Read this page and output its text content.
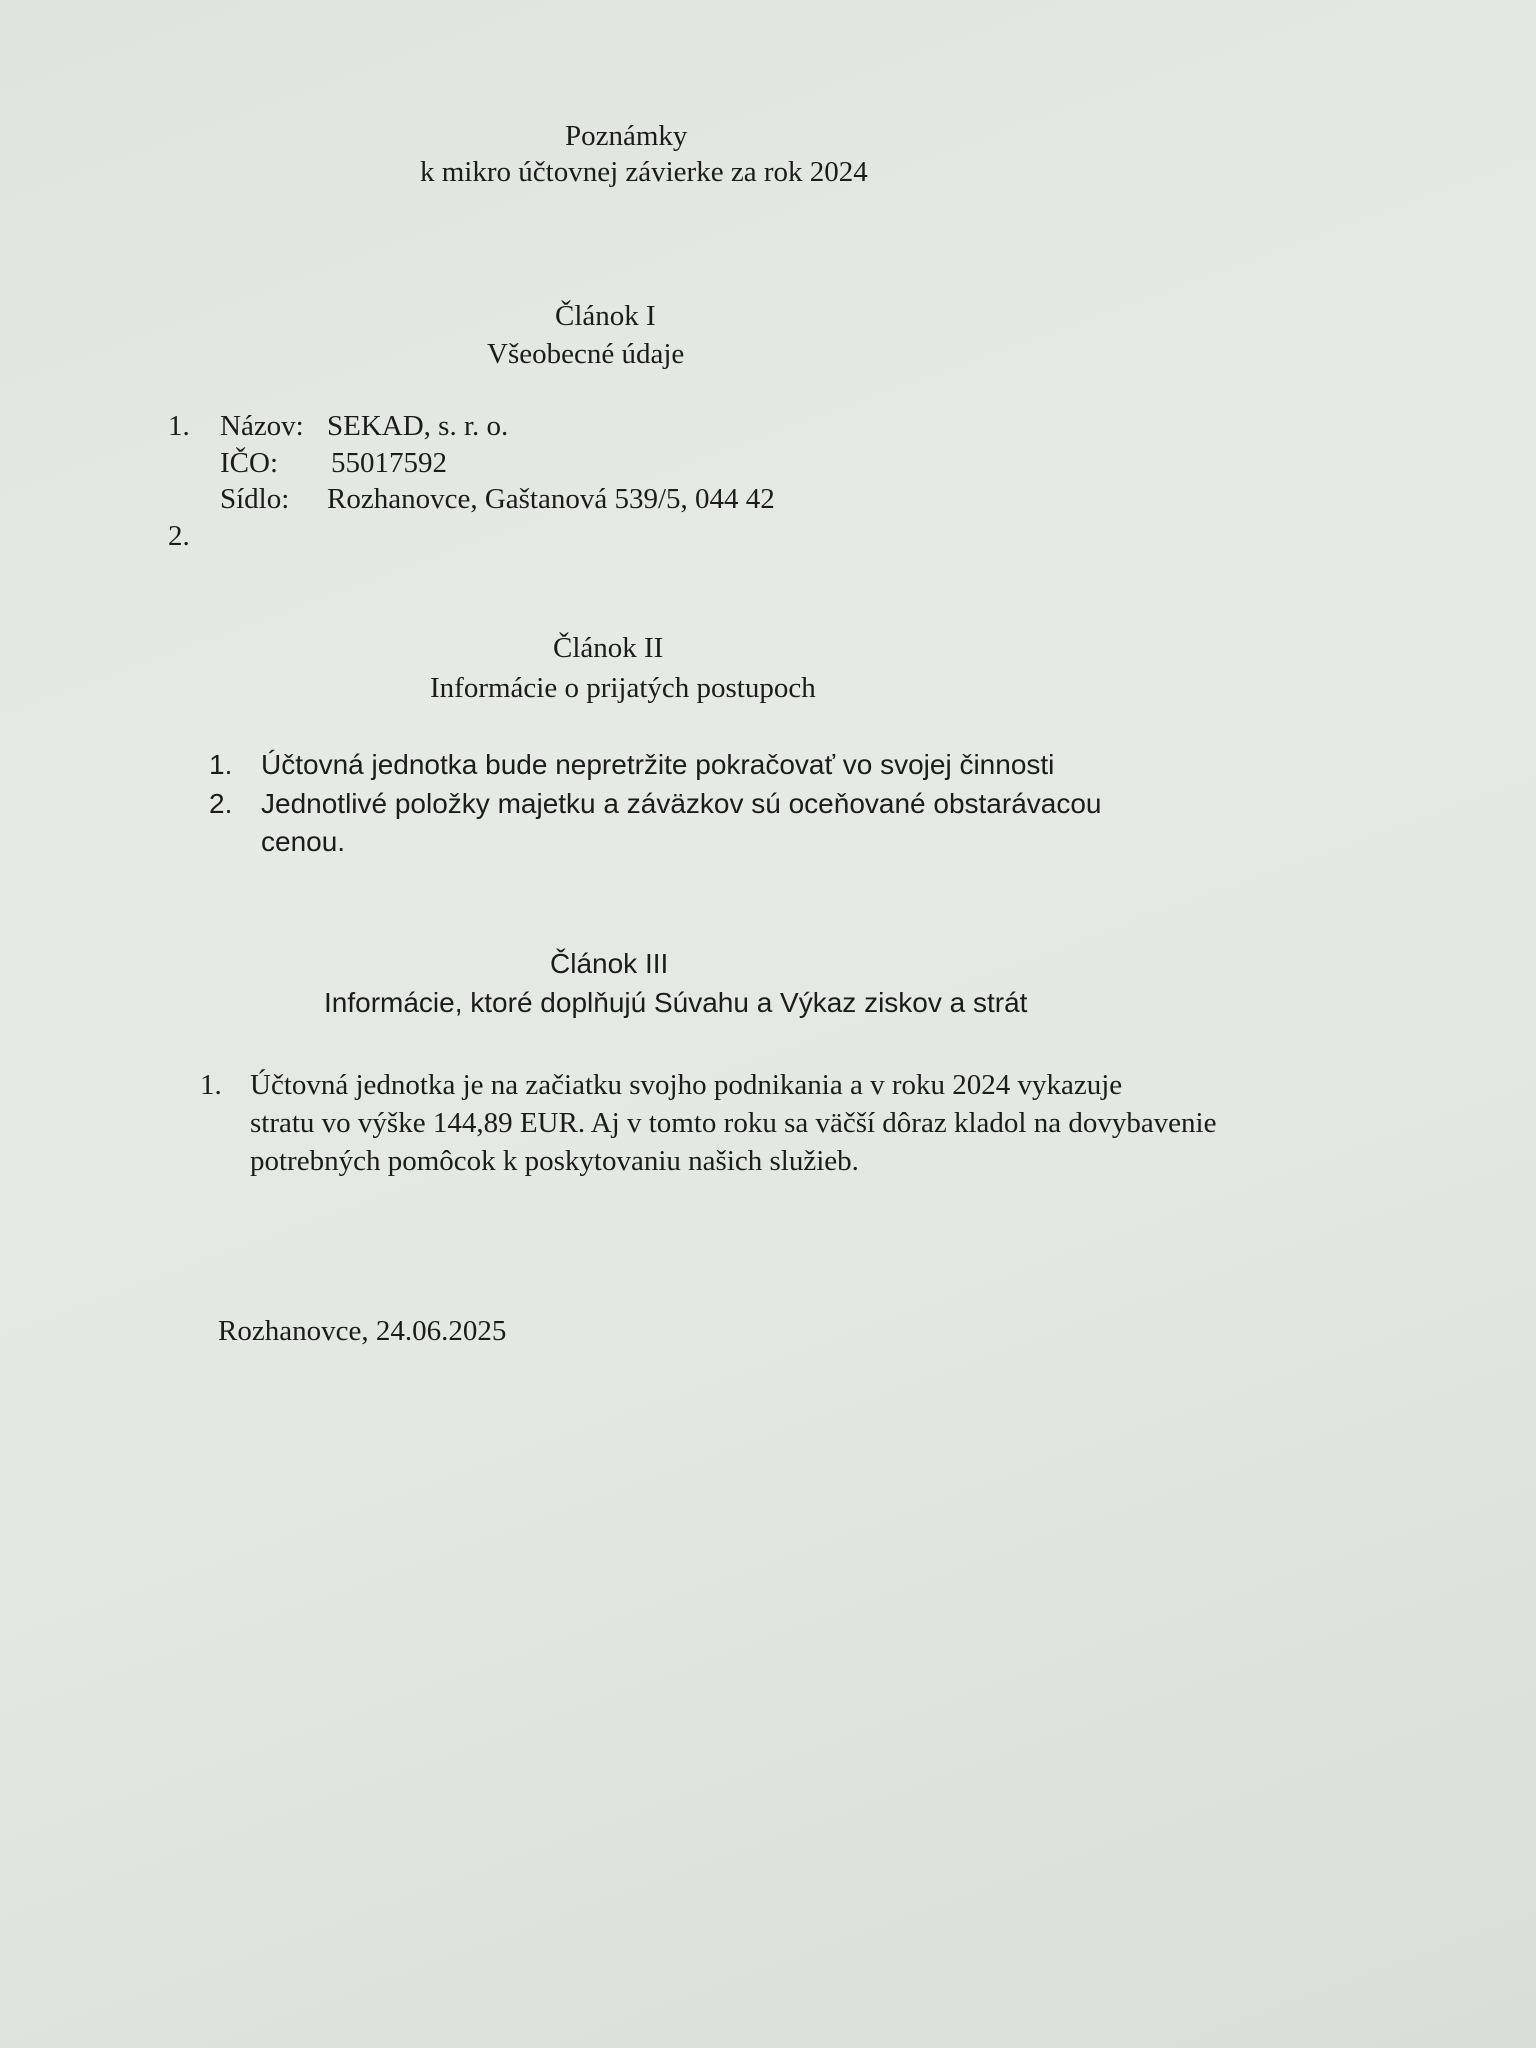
Poznámky

k mikro účtovnej závierke za rok 2024

Článok I

Všeobecné údaje

1. Názov: SEKAD, s. r. o.

IČO: 55017592

Sídlo: Rozhanovce, Gaštanová 539/5, 044 42

2.

Článok II

Informácie o prijatých postupoch

1. Účtovná jednotka bude nepretržite pokračovať vo svojej činnosti

2. Jednotlivé položky majetku a záväzkov sú oceňované obstarávacou

cenou.

Článok III

Informácie, ktoré doplňujú Súvahu a Výkaz ziskov a strát

1. Účtovná jednotka je na začiatku svojho podnikania a v roku 2024 vykazuje

stratu vo výške 144,89 EUR. Aj v tomto roku sa väčší dôraz kladol na dovybavenie

potrebných pomôcok k poskytovaniu našich služieb.

Rozhanovce, 24.06.2025
